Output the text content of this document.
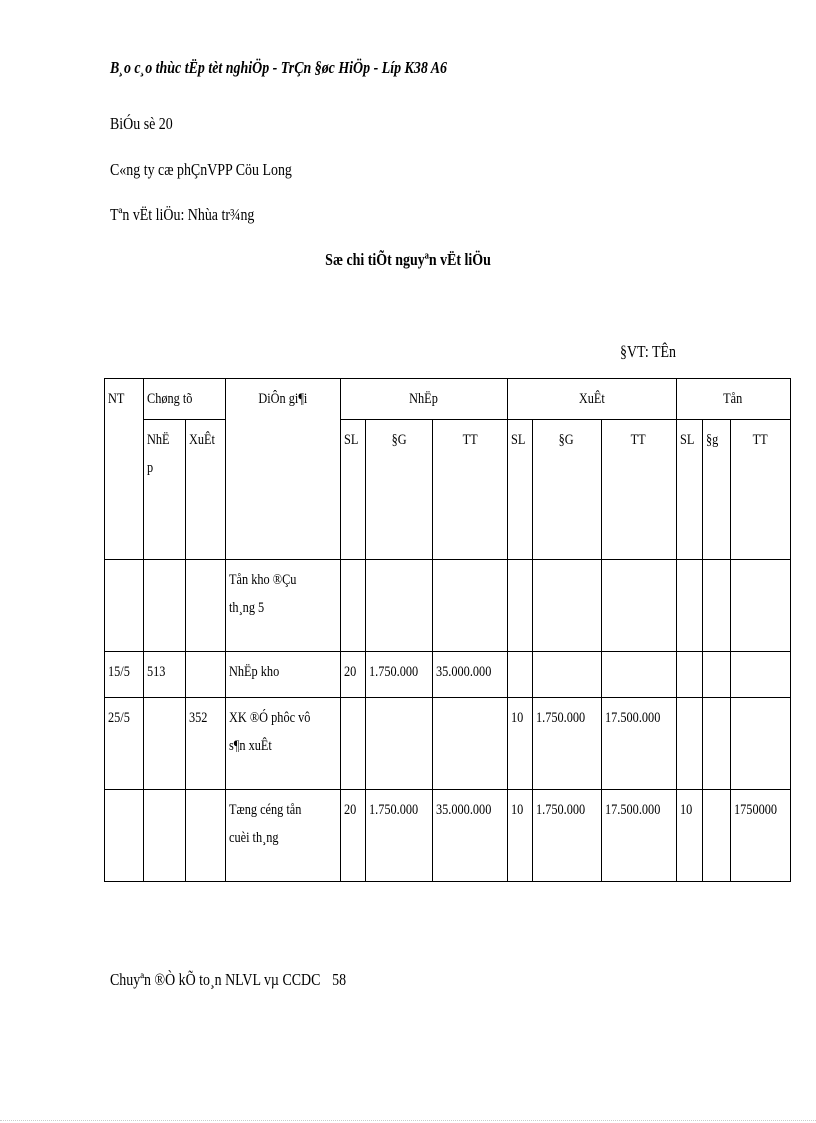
B¸o c¸o thùc tËp tèt nghiÖp - TrÇn §øc HiÖp - Líp K38 A6
BiÓu sè 20
C«ng ty cæ phÇnVPP Cöu Long
Tªn vËt liÖu: Nhùa tr¾ng
Sæ chi tiÕt nguyªn vËt liÖu
§VT: TÊn
NT	Chøng tõ		DiÔn gi¶i	NhËp			XuÊt			Tån		
	NhË p	XuÊt		SL	§G	TT	SL	§G	TT	SL	§g	TT
			Tån kho ®Çu th¸ng 5									
15/5	513		NhËp kho	20	1.750.000	35.000.000						
25/5		352	XK ®Ó phôc vô s¶n xuÊt				10	1.750.000	17.500.000			
			Tæng céng tån cuèi th¸ng	20	1.750.000	35.000.000	10	1.750.000	17.500.000	10		1750000
Chuyªn ®Ò kÕ to¸n NLVL vµ CCDC 58
